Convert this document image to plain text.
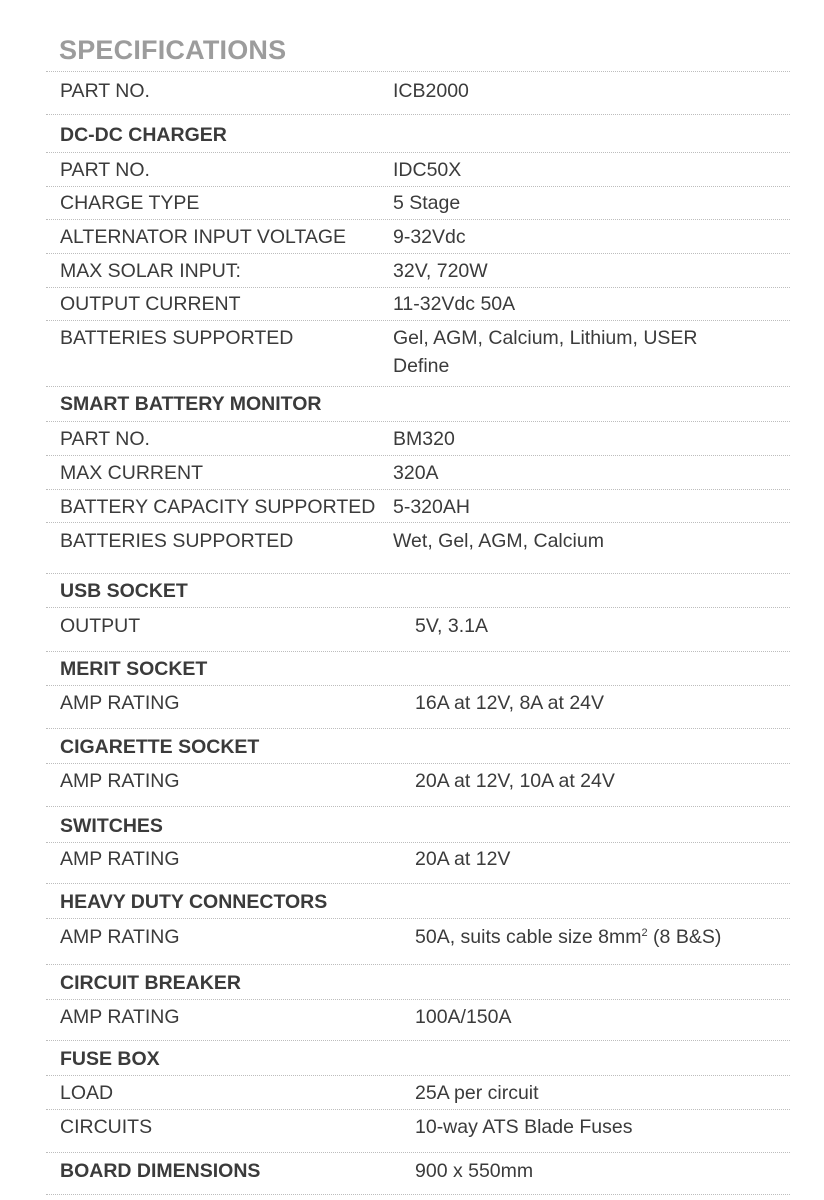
SPECIFICATIONS
PART NO.	ICB2000
DC-DC CHARGER
PART NO.	IDC50X
CHARGE TYPE	5 Stage
ALTERNATOR INPUT VOLTAGE 9-32Vdc
MAX SOLAR INPUT:	32V, 720W
OUTPUT CURRENT	11-32Vdc 50A
BATTERIES SUPPORTED	Gel, AGM, Calcium, Lithium, USER Define
SMART BATTERY MONITOR
PART NO.	BM320
MAX CURRENT	320A
BATTERY CAPACITY SUPPORTED 5-320AH
BATTERIES SUPPORTED	Wet, Gel, AGM, Calcium
USB SOCKET
OUTPUT	5V, 3.1A
MERIT SOCKET
AMP RATING	16A at 12V, 8A at 24V
CIGARETTE SOCKET
AMP RATING	20A at 12V, 10A at 24V
SWITCHES
AMP RATING	20A at 12V
HEAVY DUTY CONNECTORS
AMP RATING	50A, suits cable size $8mm^2$ (8 B&S)
CIRCUIT BREAKER
AMP RATING	100A/150A
FUSE BOX
LOAD	25A per circuit
CIRCUITS	10-way ATS Blade Fuses
BOARD DIMENSIONS	900 x 550mm
